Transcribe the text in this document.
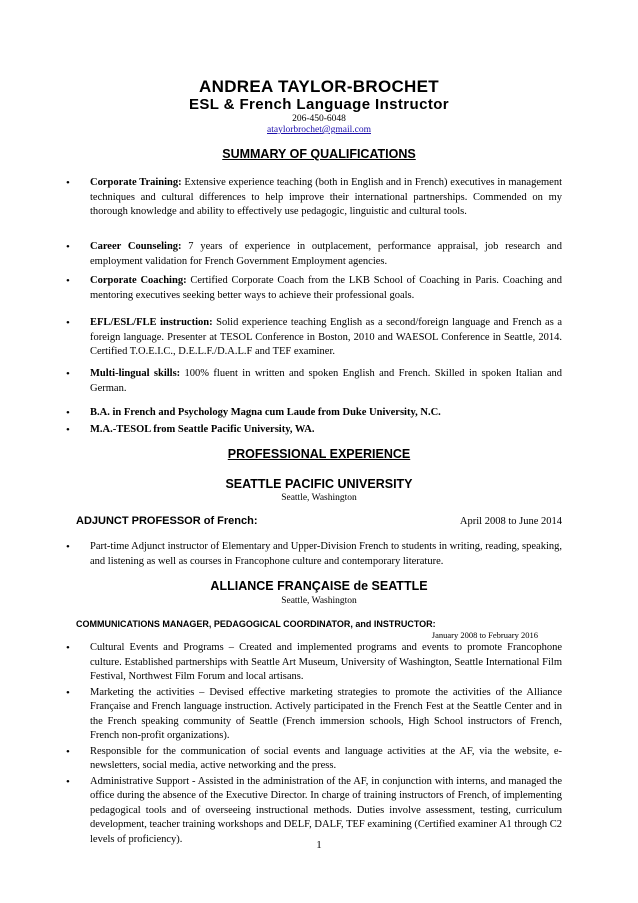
ANDREA TAYLOR-BROCHET
ESL & French Language Instructor
206-450-6048
ataylorbrochet@gmail.com
SUMMARY OF QUALIFICATIONS
• Corporate Training: Extensive experience teaching (both in English and in French) executives in management techniques and cultural differences to help improve their international partnerships. Commended on my thorough knowledge and ability to effectively use pedagogic, linguistic and cultural tools.
• Career Counseling: 7 years of experience in outplacement, performance appraisal, job research and employment validation for French Government Employment agencies.
• Corporate Coaching: Certified Corporate Coach from the LKB School of Coaching in Paris. Coaching and mentoring executives seeking better ways to achieve their professional goals.
• EFL/ESL/FLE instruction: Solid experience teaching English as a second/foreign language and French as a foreign language. Presenter at TESOL Conference in Boston, 2010 and WAESOL Conference in Seattle, 2014. Certified T.O.E.I.C., D.E.L.F./D.A.L.F and TEF examiner.
• Multi-lingual skills: 100% fluent in written and spoken English and French. Skilled in spoken Italian and German.
• B.A. in French and Psychology Magna cum Laude from Duke University, N.C.
• M.A.-TESOL from Seattle Pacific University, WA.
PROFESSIONAL EXPERIENCE
SEATTLE PACIFIC UNIVERSITY
Seattle, Washington
ADJUNCT PROFESSOR of French:	April 2008 to June 2014
• Part-time Adjunct instructor of Elementary and Upper-Division French to students in writing, reading, speaking, and listening as well as courses in Francophone culture and contemporary literature.
ALLIANCE FRANÇAISE de SEATTLE
Seattle, Washington
COMMUNICATIONS MANAGER, PEDAGOGICAL COORDINATOR, and INSTRUCTOR:
January 2008 to February 2016
• Cultural Events and Programs – Created and implemented programs and events to promote Francophone culture. Established partnerships with Seattle Art Museum, University of Washington, Seattle International Film Festival, Northwest Film Forum and local artisans.
• Marketing the activities – Devised effective marketing strategies to promote the activities of the Alliance Française and French language instruction. Actively participated in the French Fest at the Seattle Center and in the French speaking community of Seattle (French immersion schools, High School instructors of French, French non-profit organizations).
• Responsible for the communication of social events and language activities at the AF, via the website, e-newsletters, social media, active networking and the press.
• Administrative Support - Assisted in the administration of the AF, in conjunction with interns, and managed the office during the absence of the Executive Director. In charge of training instructors of French, of implementing pedagogical tools and of overseeing instructional methods. Duties involve assessment, testing, curriculum development, teacher training workshops and DELF, DALF, TEF examining (Certified examiner A1 through C2 levels of proficiency).	1
